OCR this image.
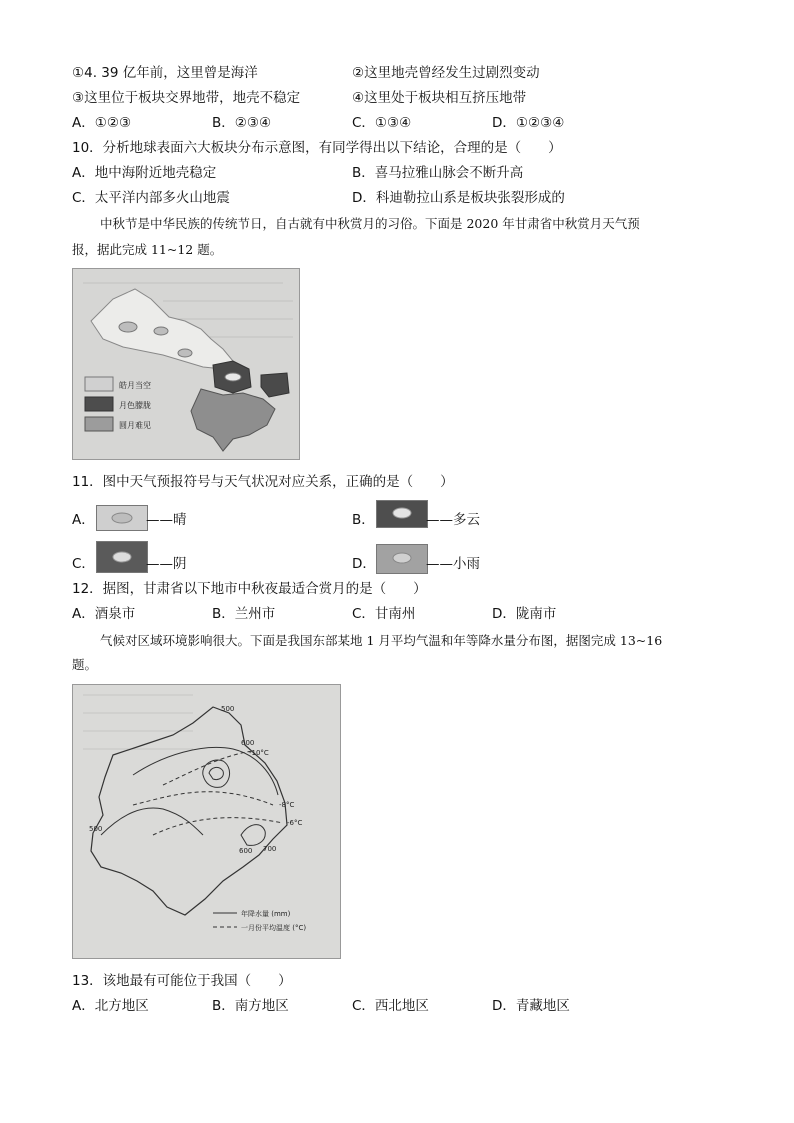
①4. 39 亿年前，这里曾是海洋	②这里地壳曾经发生过剧烈变动
③这里位于板块交界地带，地壳不稳定	④这里处于板块相互挤压地带
A．①②③	B．②③④	C．①③④	D．①②③④
10．分析地球表面六大板块分布示意图，有同学得出以下结论，合理的是（　　）
A．地中海附近地壳稳定	B．喜马拉雅山脉会不断升高
C．太平洋内部多火山地震	D．科迪勒拉山系是板块张裂形成的
中秋节是中华民族的传统节日，自古就有中秋赏月的习俗。下面是 2020 年甘肃省中秋赏月天气预
报，据此完成 11~12 题。
皓月当空
月色朦胧
圆月难见
11．图中天气预报符号与天气状况对应关系，正确的是（　　）
A．	——晴	B．	——多云
C．	——阴	D．	——小雨
12．据图，甘肃省以下地市中秋夜最适合赏月的是（　　）
A．酒泉市	B．兰州市	C．甘南州	D．陇南市
气候对区域环境影响很大。下面是我国东部某地 1 月平均气温和年等降水量分布图，据图完成 13~16
题。
500
600
-10°C
-8°C
-6°C
500
600 700
年降水量 (mm)
一月份平均温度 (°C)
13．该地最有可能位于我国（　　）
A．北方地区	B．南方地区	C．西北地区	D．青藏地区
